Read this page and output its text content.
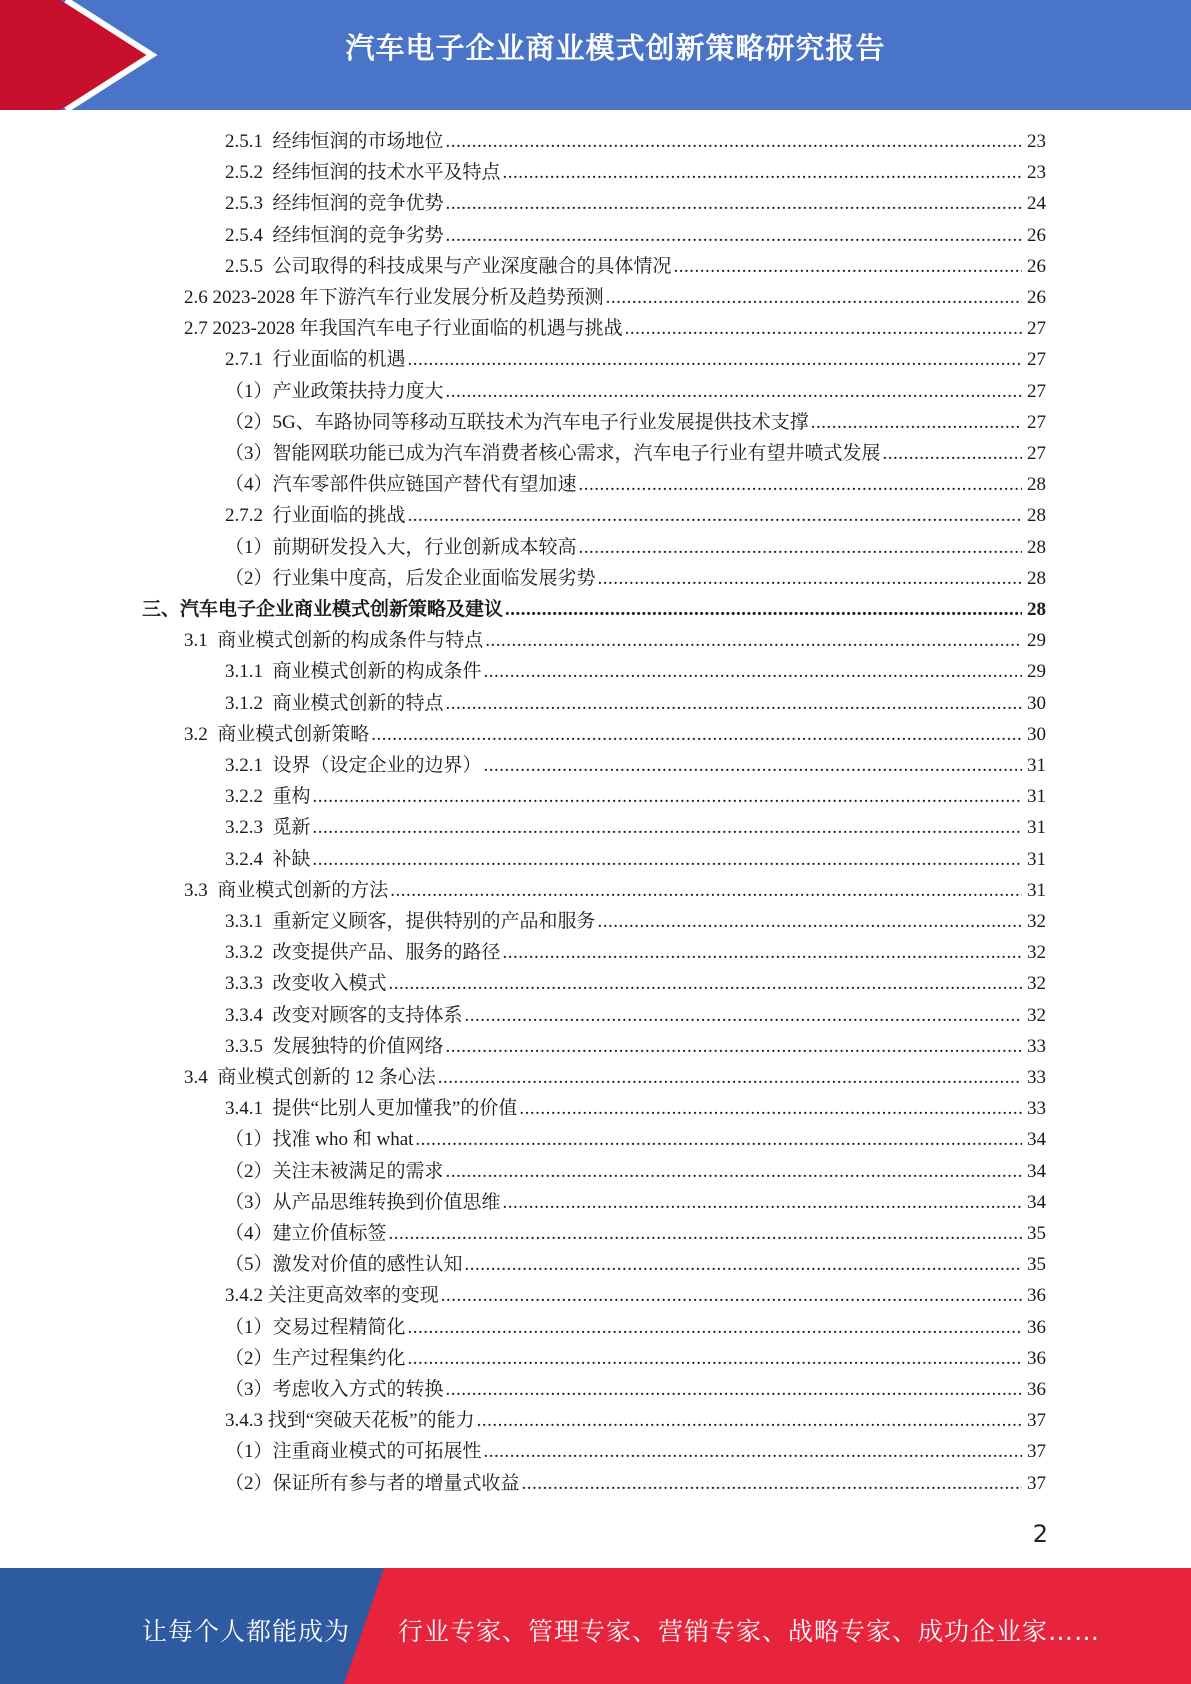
汽车电子企业商业模式创新策略研究报告
2.5.1 经纬恒润的市场地位 .....	23
2.5.2 经纬恒润的技术水平及特点 .....	23
2.5.3 经纬恒润的竞争优势 .....	24
2.5.4 经纬恒润的竞争劣势 .....	26
2.5.5 公司取得的科技成果与产业深度融合的具体情况 .....	26
2.6 2023-2028 年下游汽车行业发展分析及趋势预测 .....	26
2.7 2023-2028 年我国汽车电子行业面临的机遇与挑战 .....	27
2.7.1 行业面临的机遇 .....	27
（1） 产业政策扶持力度大 .....	27
（2） 5G、车路协同等移动互联技术为汽车电子行业发展提供技术支撑 .....	27
（3） 智能网联功能已成为汽车消费者核心需求，汽车电子行业有望井喷式发展 .....	27
（4） 汽车零部件供应链国产替代有望加速 .....	28
2.7.2 行业面临的挑战 .....	28
（1） 前期研发投入大，行业创新成本较高 .....	28
（2） 行业集中度高，后发企业面临发展劣势 .....	28
三、 汽车电子企业商业模式创新策略及建议 .....	28
3.1 商业模式创新的构成条件与特点 .....	29
3.1.1 商业模式创新的构成条件 .....	29
3.1.2 商业模式创新的特点 .....	30
3.2 商业模式创新策略 .....	30
3.2.1 设界（设定企业的边界） .....	31
3.2.2 重构 .....	31
3.2.3 觅新 .....	31
3.2.4 补缺 .....	31
3.3 商业模式创新的方法 .....	31
3.3.1 重新定义顾客，提供特别的产品和服务 .....	32
3.3.2 改变提供产品、服务的路径 .....	32
3.3.3 改变收入模式 .....	32
3.3.4 改变对顾客的支持体系 .....	32
3.3.5 发展独特的价值网络 .....	33
3.4 商业模式创新的 12 条心法 .....	33
3.4.1 提供“比别人更加懂我”的价值 .....	33
（1） 找准 who 和 what .....	34
（2） 关注未被满足的需求 .....	34
（3） 从产品思维转换到价值思维 .....	34
（4） 建立价值标签 .....	35
（5） 激发对价值的感性认知 .....	35
3.4.2 关注更高效率的变现 .....	36
（1） 交易过程精简化 .....	36
（2） 生产过程集约化 .....	36
（3） 考虑收入方式的转换 .....	36
3.4.3 找到“突破天花板”的能力 .....	37
（1） 注重商业模式的可拓展性 .....	37
（2） 保证所有参与者的增量式收益 .....	37
2
让每个人都能成为 行业专家、管理专家、营销专家、战略专家、成功企业家……
